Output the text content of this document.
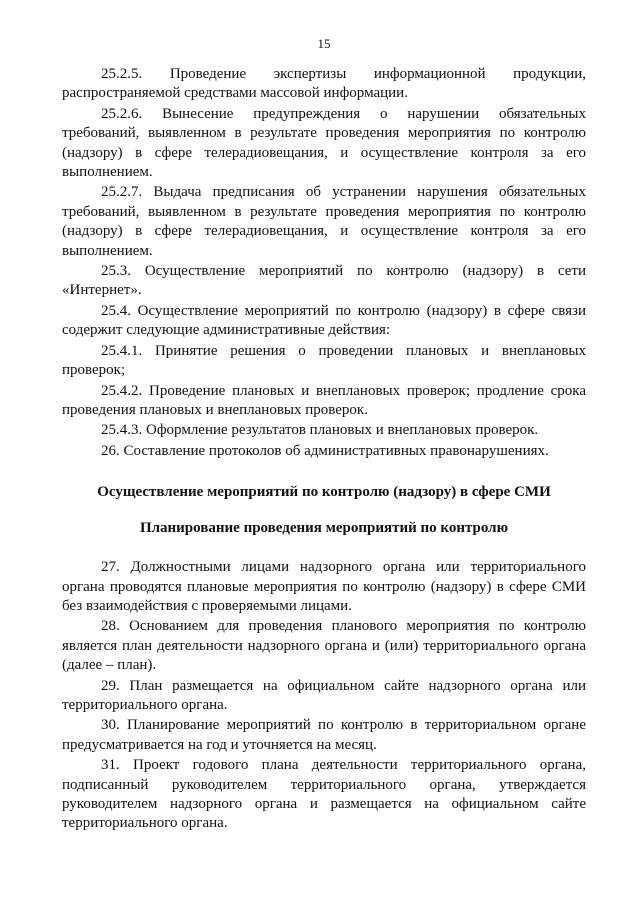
15

25.2.5. Проведение экспертизы информационной продукции, распространяемой средствами массовой информации.

25.2.6. Вынесение предупреждения о нарушении обязательных требований, выявленном в результате проведения мероприятия по контролю (надзору) в сфере телерадиовещания, и осуществление контроля за его выполнением.

25.2.7. Выдача предписания об устранении нарушения обязательных требований, выявленном в результате проведения мероприятия по контролю (надзору) в сфере телерадиовещания, и осуществление контроля за его выполнением.

25.3. Осуществление мероприятий по контролю (надзору) в сети «Интернет».

25.4. Осуществление мероприятий по контролю (надзору) в сфере связи содержит следующие административные действия:

25.4.1. Принятие решения о проведении плановых и внеплановых проверок;

25.4.2. Проведение плановых и внеплановых проверок; продление срока проведения плановых и внеплановых проверок.

25.4.3. Оформление результатов плановых и внеплановых проверок.

26. Составление протоколов об административных правонарушениях.

Осуществление мероприятий по контролю (надзору) в сфере СМИ

Планирование проведения мероприятий по контролю

27. Должностными лицами надзорного органа или территориального органа проводятся плановые мероприятия по контролю (надзору) в сфере СМИ без взаимодействия с проверяемыми лицами.

28. Основанием для проведения планового мероприятия по контролю является план деятельности надзорного органа и (или) территориального органа (далее – план).

29. План размещается на официальном сайте надзорного органа или территориального органа.

30. Планирование мероприятий по контролю в территориальном органе предусматривается на год и уточняется на месяц.

31. Проект годового плана деятельности территориального органа, подписанный руководителем территориального органа, утверждается руководителем надзорного органа и размещается на официальном сайте территориального органа.
